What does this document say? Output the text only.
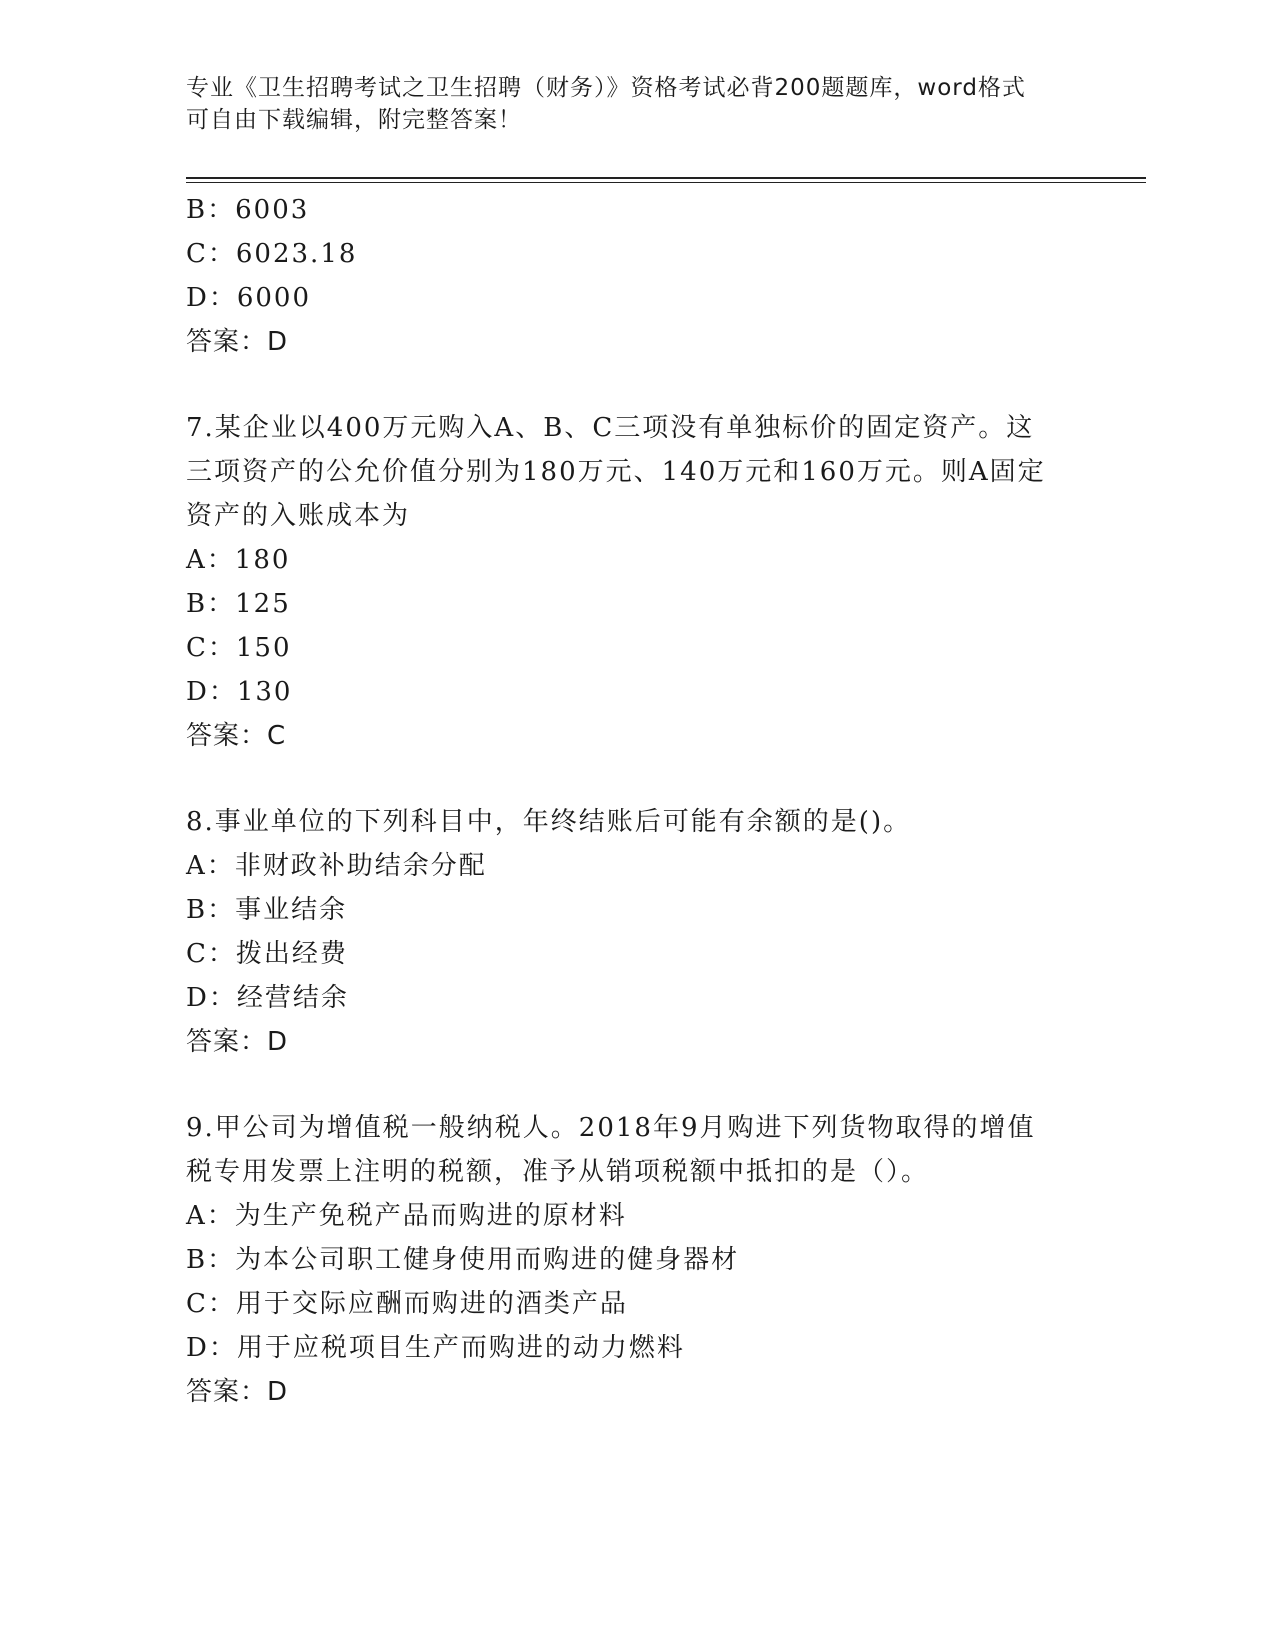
专业《卫生招聘考试之卫生招聘（财务）》资格考试必背200题题库，word格式
可自由下载编辑，附完整答案！
B：6003
C：6023.18
D：6000
答案：D
7.某企业以400万元购入A、B、C三项没有单独标价的固定资产。这
三项资产的公允价值分别为180万元、140万元和160万元。则A固定
资产的入账成本为
A：180
B：125
C：150
D：130
答案：C
8.事业单位的下列科目中，年终结账后可能有余额的是()。
A：非财政补助结余分配
B：事业结余
C：拨出经费
D：经营结余
答案：D
9.甲公司为增值税一般纳税人。2018年9月购进下列货物取得的增值
税专用发票上注明的税额，准予从销项税额中抵扣的是（）。
A：为生产免税产品而购进的原材料
B：为本公司职工健身使用而购进的健身器材
C：用于交际应酬而购进的酒类产品
D：用于应税项目生产而购进的动力燃料
答案：D
